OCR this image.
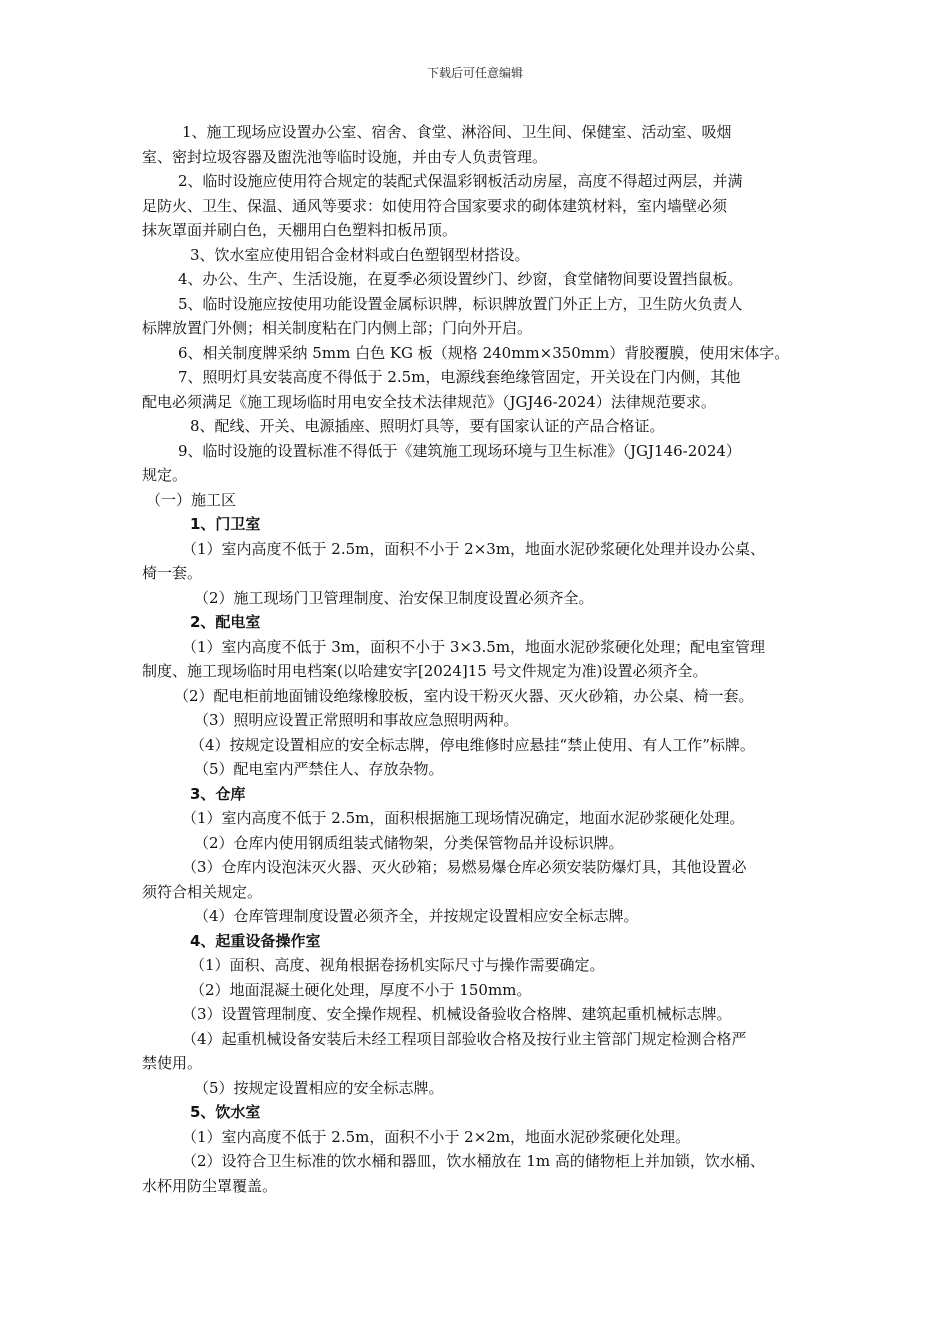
下载后可任意编辑
1、施工现场应设置办公室、宿舍、食堂、淋浴间、卫生间、保健室、活动室、吸烟
室、密封垃圾容器及盥洗池等临时设施，并由专人负责管理。
2、临时设施应使用符合规定的装配式保温彩钢板活动房屋，高度不得超过两层，并满
足防火、卫生、保温、通风等要求：如使用符合国家要求的砌体建筑材料，室内墙壁必须
抹灰罩面并刷白色，天棚用白色塑料扣板吊顶。
3、饮水室应使用铝合金材料或白色塑钢型材搭设。
4、办公、生产、生活设施，在夏季必须设置纱门、纱窗，食堂储物间要设置挡鼠板。
5、临时设施应按使用功能设置金属标识牌，标识牌放置门外正上方，卫生防火负责人
标牌放置门外侧；相关制度粘在门内侧上部；门向外开启。
6、相关制度牌采纳 5mm 白色 KG 板（规格 240mm×350mm）背胶覆膜，使用宋体字。
7、照明灯具安装高度不得低于 2.5m，电源线套绝缘管固定，开关设在门内侧，其他
配电必须满足《施工现场临时用电安全技术法律规范》（JGJ46-2024）法律规范要求。
8、配线、开关、电源插座、照明灯具等，要有国家认证的产品合格证。
9、临时设施的设置标准不得低于《建筑施工现场环境与卫生标准》（JGJ146-2024）
规定。
（一）施工区
1、门卫室
（1）室内高度不低于 2.5m，面积不小于 2×3m，地面水泥砂浆硬化处理并设办公桌、
椅一套。
（2）施工现场门卫管理制度、治安保卫制度设置必须齐全。
2、配电室
（1）室内高度不低于 3m，面积不小于 3×3.5m，地面水泥砂浆硬化处理；配电室管理
制度、施工现场临时用电档案(以哈建安字[2024]15 号文件规定为准)设置必须齐全。
（2）配电柜前地面铺设绝缘橡胶板，室内设干粉灭火器、灭火砂箱，办公桌、椅一套。
（3）照明应设置正常照明和事故应急照明两种。
（4）按规定设置相应的安全标志牌，停电维修时应悬挂“禁止使用、有人工作”标牌。
（5）配电室内严禁住人、存放杂物。
3、仓库
（1）室内高度不低于 2.5m，面积根据施工现场情况确定，地面水泥砂浆硬化处理。
（2）仓库内使用钢质组装式储物架，分类保管物品并设标识牌。
（3）仓库内设泡沫灭火器、灭火砂箱；易燃易爆仓库必须安装防爆灯具，其他设置必
须符合相关规定。
（4）仓库管理制度设置必须齐全，并按规定设置相应安全标志牌。
4、起重设备操作室
（1）面积、高度、视角根据卷扬机实际尺寸与操作需要确定。
（2）地面混凝土硬化处理，厚度不小于 150mm。
（3）设置管理制度、安全操作规程、机械设备验收合格牌、建筑起重机械标志牌。
（4）起重机械设备安装后未经工程项目部验收合格及按行业主管部门规定检测合格严
禁使用。
（5）按规定设置相应的安全标志牌。
5、饮水室
（1）室内高度不低于 2.5m，面积不小于 2×2m，地面水泥砂浆硬化处理。
（2）设符合卫生标准的饮水桶和器皿，饮水桶放在 1m 高的储物柜上并加锁，饮水桶、
水杯用防尘罩覆盖。
